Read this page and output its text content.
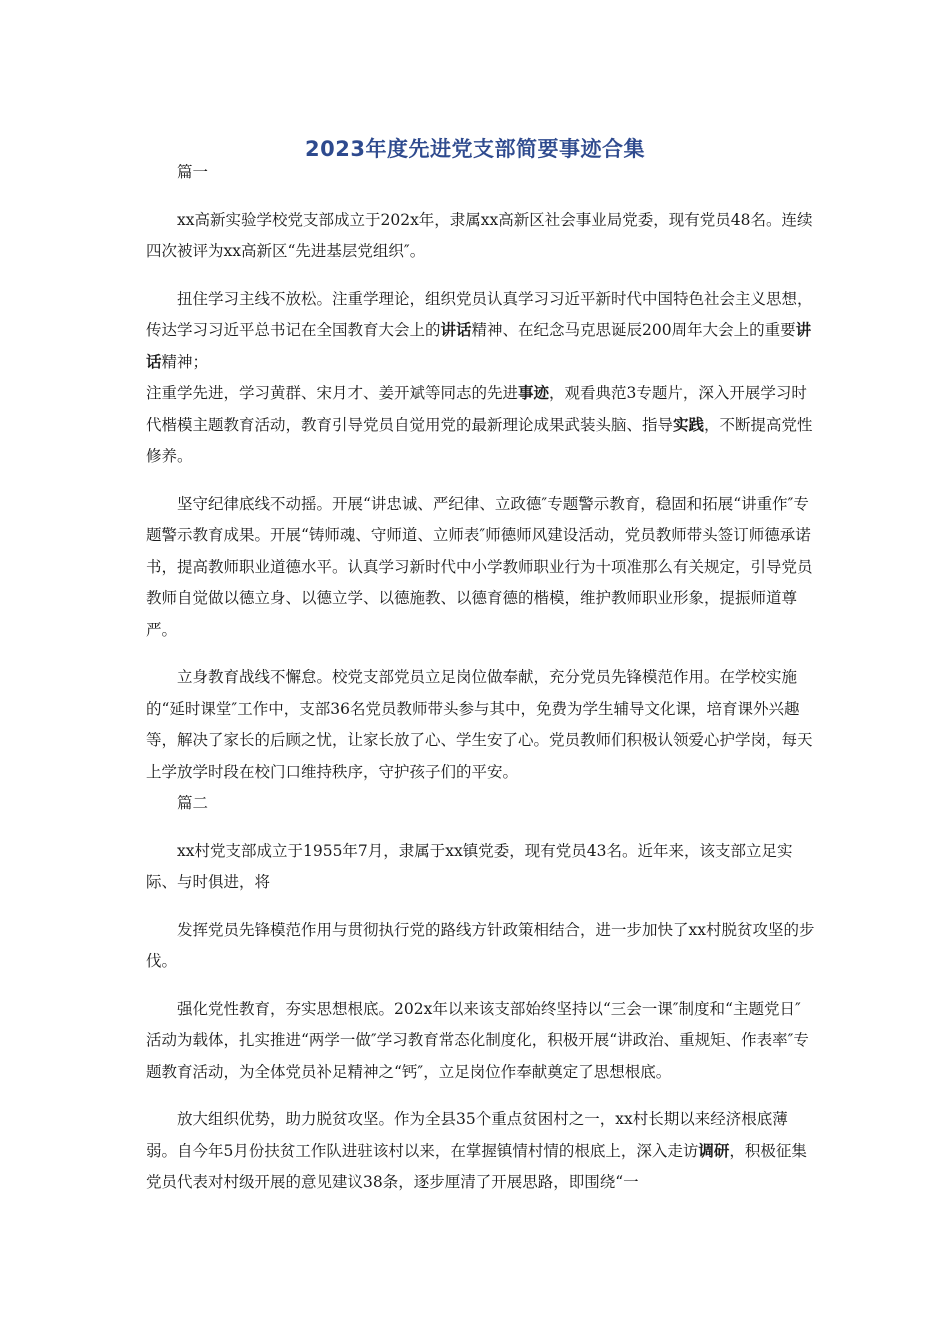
2023年度先进党支部简要事迹合集

篇一

xx高新实验学校党支部成立于202x年，隶属xx高新区社会事业局党委，现有党员48名。连续四次被评为xx高新区“先进基层党组织″。

扭住学习主线不放松。注重学理论，组织党员认真学习习近平新时代中国特色社会主义思想，传达学习习近平总书记在全国教育大会上的讲话精神、在纪念马克思诞辰200周年大会上的重要讲话精神；

注重学先进，学习黄群、宋月才、姜开斌等同志的先进事迹，观看典范3专题片，深入开展学习时代楷模主题教育活动，教育引导党员自觉用党的最新理论成果武装头脑、指导实践，不断提高党性修养。

坚守纪律底线不动摇。开展“讲忠诚、严纪律、立政德″专题警示教育，稳固和拓展“讲重作″专题警示教育成果。开展“铸师魂、守师道、立师表″师德师风建设活动，党员教师带头签订师德承诺书，提高教师职业道德水平。认真学习新时代中小学教师职业行为十项准那么有关规定，引导党员教师自觉做以德立身、以德立学、以德施教、以德育德的楷模，维护教师职业形象，提振师道尊严。

立身教育战线不懈怠。校党支部党员立足岗位做奉献，充分党员先锋模范作用。在学校实施的“延时课堂″工作中，支部36名党员教师带头参与其中，免费为学生辅导文化课，培育课外兴趣等，解决了家长的后顾之忧，让家长放了心、学生安了心。党员教师们积极认领爱心护学岗，每天上学放学时段在校门口维持秩序，守护孩子们的平安。

篇二

xx村党支部成立于1955年7月，隶属于xx镇党委，现有党员43名。近年来，该支部立足实际、与时俱进，将

发挥党员先锋模范作用与贯彻执行党的路线方针政策相结合，进一步加快了xx村脱贫攻坚的步伐。

强化党性教育，夯实思想根底。202x年以来该支部始终坚持以“三会一课″制度和“主题党日″活动为载体，扎实推进“两学一做″学习教育常态化制度化，积极开展“讲政治、重规矩、作表率″专题教育活动，为全体党员补足精神之“钙″，立足岗位作奉献奠定了思想根底。

放大组织优势，助力脱贫攻坚。作为全县35个重点贫困村之一，xx村长期以来经济根底薄弱。自今年5月份扶贫工作队进驻该村以来，在掌握镇情村情的根底上，深入走访调研，积极征集党员代表对村级开展的意见建议38条，逐步厘清了开展思路，即围绕“一
